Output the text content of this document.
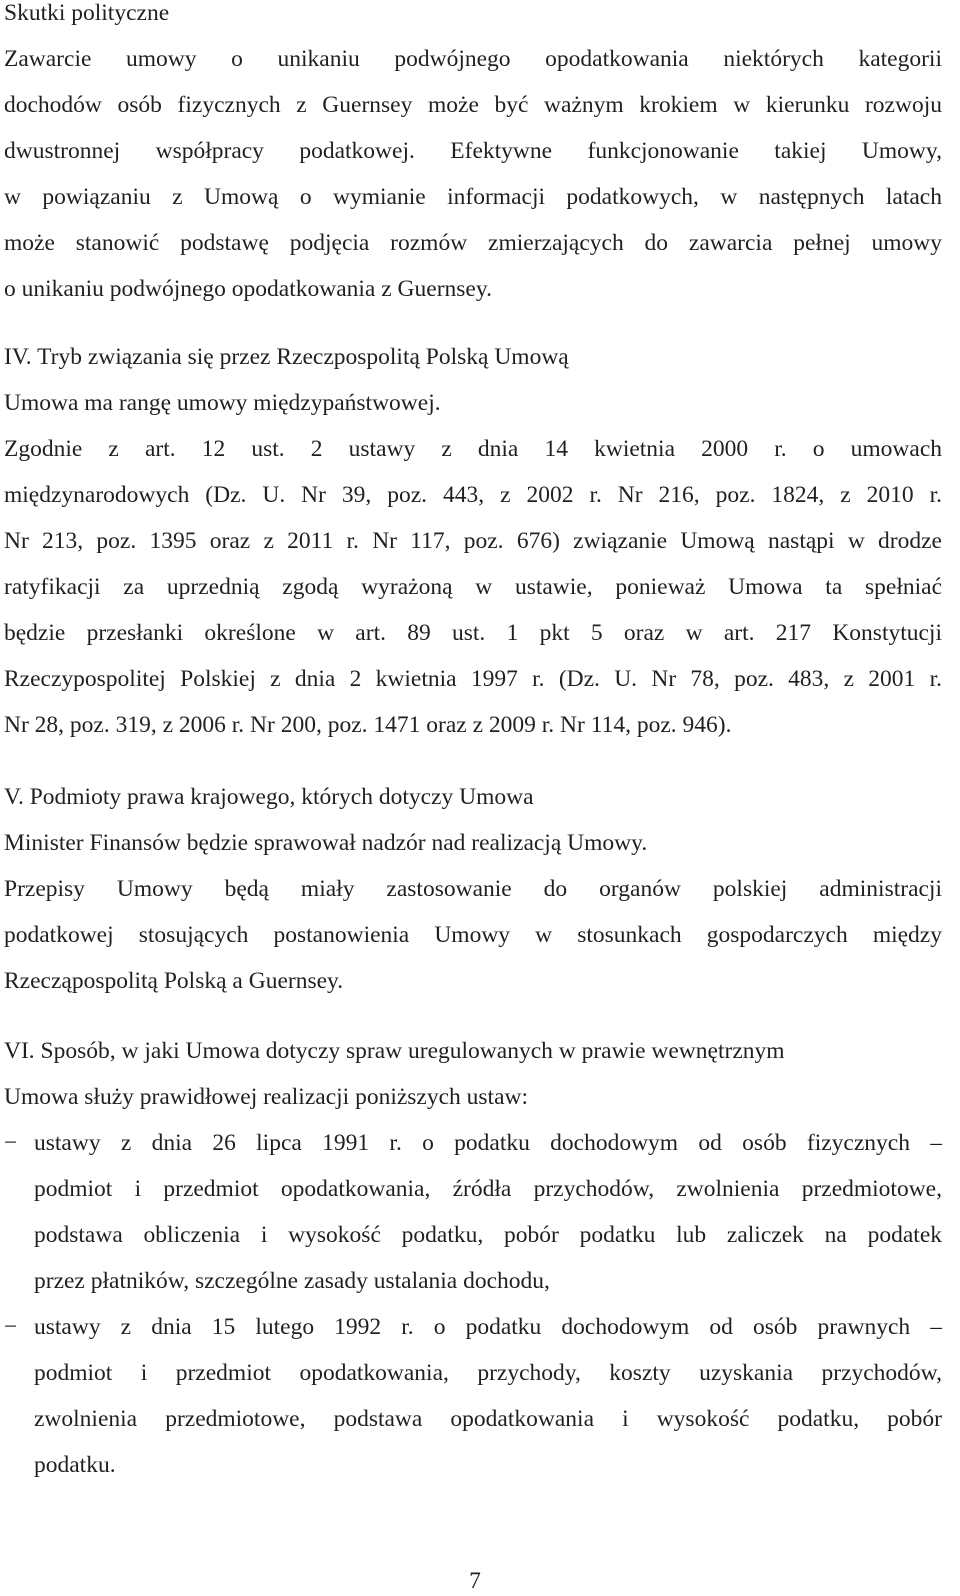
Skutki polityczne
Zawarcie umowy o unikaniu podwójnego opodatkowania niektórych kategorii
dochodów osób fizycznych z Guernsey może być ważnym krokiem w kierunku rozwoju
dwustronnej współpracy podatkowej. Efektywne funkcjonowanie takiej Umowy,
w powiązaniu z Umową o wymianie informacji podatkowych, w następnych latach
może stanowić podstawę podjęcia rozmów zmierzających do zawarcia pełnej umowy
o unikaniu podwójnego opodatkowania z Guernsey.
IV. Tryb związania się przez Rzeczpospolitą Polską Umową
Umowa ma rangę umowy międzypaństwowej.
Zgodnie z art. 12 ust. 2 ustawy z dnia 14 kwietnia 2000 r. o umowach
międzynarodowych (Dz. U. Nr 39, poz. 443, z 2002 r. Nr 216, poz. 1824, z 2010 r.
Nr 213, poz. 1395 oraz z 2011 r. Nr 117, poz. 676) związanie Umową nastąpi w drodze
ratyfikacji za uprzednią zgodą wyrażoną w ustawie, ponieważ Umowa ta spełniać
będzie przesłanki określone w art. 89 ust. 1 pkt 5 oraz w art. 217 Konstytucji
Rzeczypospolitej Polskiej z dnia 2 kwietnia 1997 r. (Dz. U. Nr 78, poz. 483, z 2001 r.
Nr 28, poz. 319, z 2006 r. Nr 200, poz. 1471 oraz z 2009 r. Nr 114, poz. 946).
V. Podmioty prawa krajowego, których dotyczy Umowa
Minister Finansów będzie sprawował nadzór nad realizacją Umowy.
Przepisy Umowy będą miały zastosowanie do organów polskiej administracji
podatkowej stosujących postanowienia Umowy w stosunkach gospodarczych między
Rzecząpospolitą Polską a Guernsey.
VI. Sposób, w jaki Umowa dotyczy spraw uregulowanych w prawie wewnętrznym
Umowa służy prawidłowej realizacji poniższych ustaw:
− ustawy z dnia 26 lipca 1991 r. o podatku dochodowym od osób fizycznych –
podmiot i przedmiot opodatkowania, źródła przychodów, zwolnienia przedmiotowe,
podstawa obliczenia i wysokość podatku, pobór podatku lub zaliczek na podatek
przez płatników, szczególne zasady ustalania dochodu,
− ustawy z dnia 15 lutego 1992 r. o podatku dochodowym od osób prawnych –
podmiot i przedmiot opodatkowania, przychody, koszty uzyskania przychodów,
zwolnienia przedmiotowe, podstawa opodatkowania i wysokość podatku, pobór
podatku.
7
